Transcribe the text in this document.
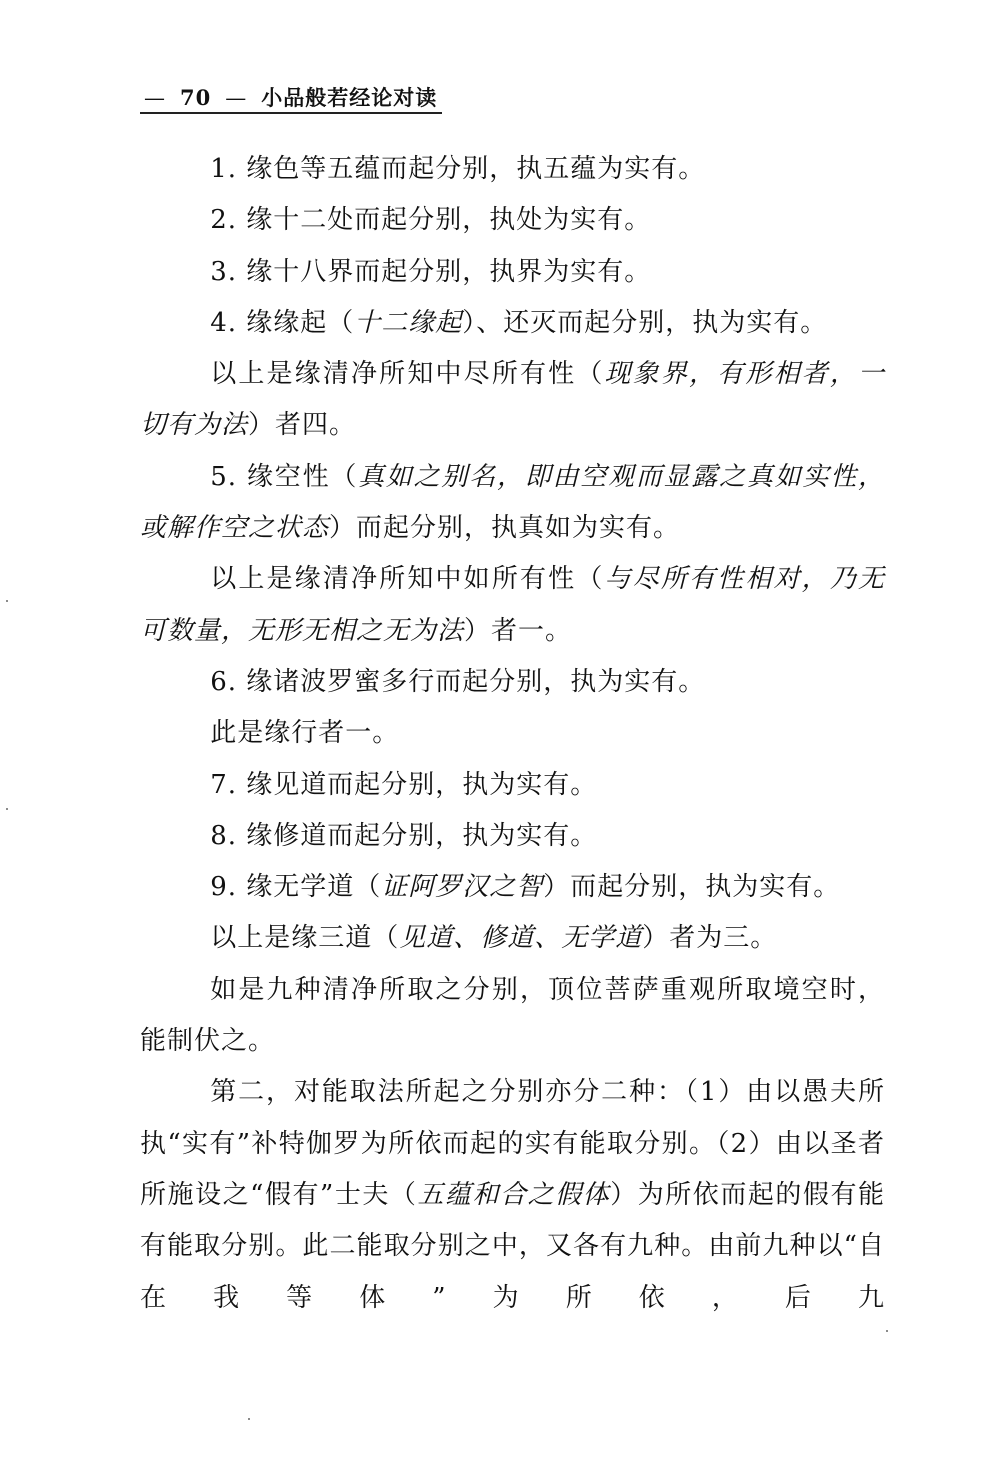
— 70 — 小品般若经论对读

1. 缘色等五蕴而起分别，执五蕴为实有。

2. 缘十二处而起分别，执处为实有。

3. 缘十八界而起分别，执界为实有。

4. 缘缘起（十二缘起）、还灭而起分别，执为实有。

以上是缘清净所知中尽所有性（现象界，有形相者，一切有为法）者四。

5. 缘空性（真如之别名，即由空观而显露之真如实性，或解作空之状态）而起分别，执真如为实有。

以上是缘清净所知中如所有性（与尽所有性相对，乃无可数量，无形无相之无为法）者一。

6. 缘诸波罗蜜多行而起分别，执为实有。

此是缘行者一。

7. 缘见道而起分别，执为实有。

8. 缘修道而起分别，执为实有。

9. 缘无学道（证阿罗汉之智）而起分别，执为实有。

以上是缘三道（见道、修道、无学道）者为三。

如是九种清净所取之分别，顶位菩萨重观所取境空时，能制伏之。

第二，对能取法所起之分别亦分二种：（1）由以愚夫所执“实有”补特伽罗为所依而起的实有能取分别。（2）由以圣者所施设之“假有”士夫（五蕴和合之假体）为所依而起的假有能有能取分别。此二能取分别之中，又各有九种。由前九种以“自在我等体”为所依，后九
